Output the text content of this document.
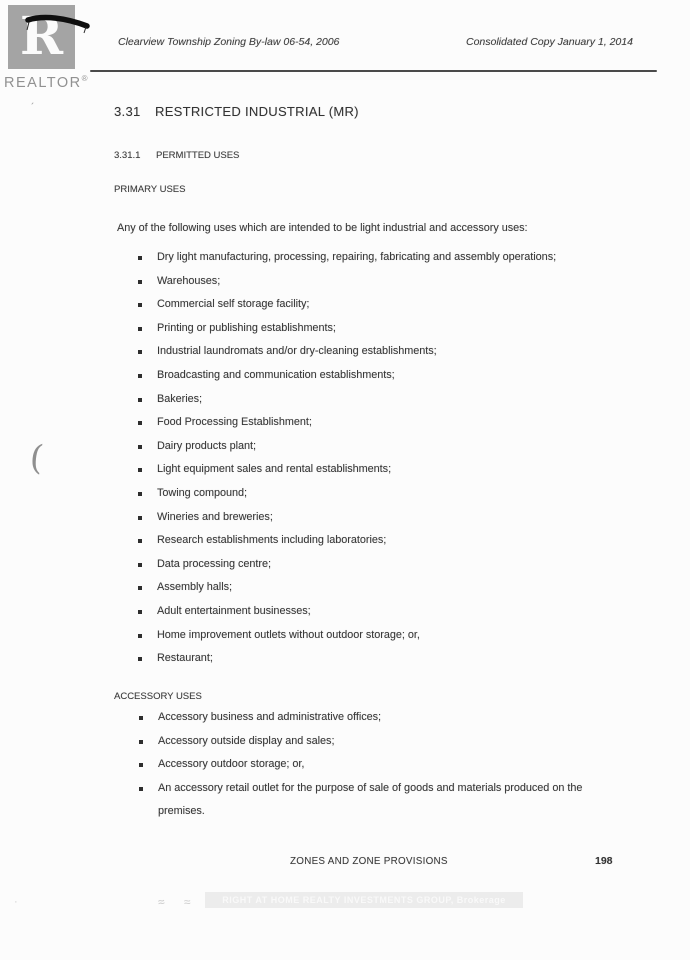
R
REALTOR®
Clearview Township Zoning By-law 06-54, 2006	Consolidated Copy January 1, 2014
3.31	RESTRICTED INDUSTRIAL (MR)
3.31.1	PERMITTED USES
PRIMARY USES
Any of the following uses which are intended to be light industrial and accessory uses:
Dry light manufacturing, processing, repairing, fabricating and assembly operations;
Warehouses;
Commercial self storage facility;
Printing or publishing establishments;
Industrial laundromats and/or dry-cleaning establishments;
Broadcasting and communication establishments;
Bakeries;
Food Processing Establishment;
Dairy products plant;
Light equipment sales and rental establishments;
Towing compound;
Wineries and breweries;
Research establishments including laboratories;
Data processing centre;
Assembly halls;
Adult entertainment businesses;
Home improvement outlets without outdoor storage; or,
Restaurant;
ACCESSORY USES
Accessory business and administrative offices;
Accessory outside display and sales;
Accessory outdoor storage; or,
An accessory retail outlet for the purpose of sale of goods and materials produced on the premises.
ZONES AND ZONE PROVISIONS	198
RIGHT AT HOME REALTY INVESTMENTS GROUP, Brokerage
(
≈ ≈
·
ˏ
